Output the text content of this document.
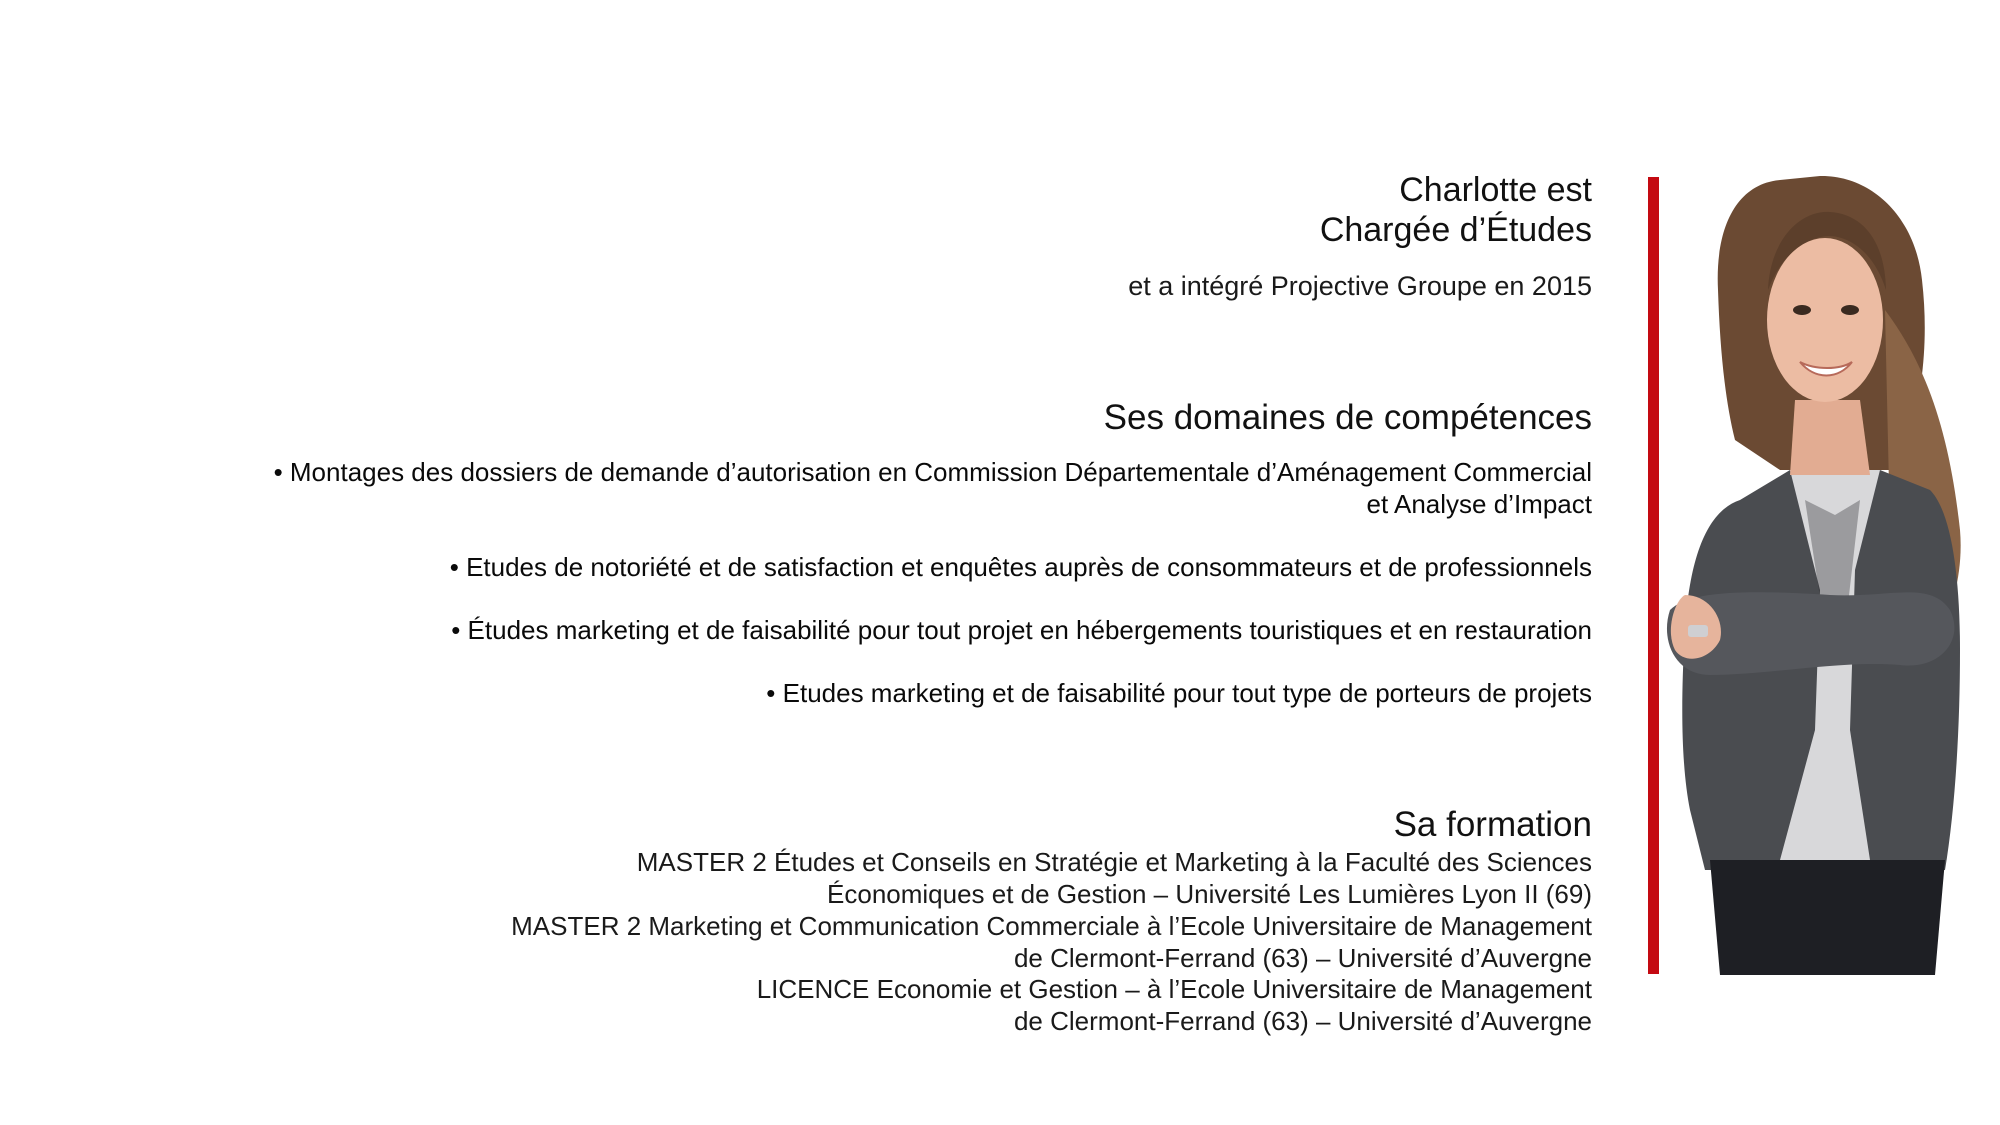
Charlotte est
Chargée d’Études
et a intégré Projective Groupe en 2015
Ses domaines de compétences
• Montages des dossiers de demande d’autorisation en Commission Départementale d’Aménagement Commercial
et Analyse d’Impact
• Etudes de notoriété et de satisfaction et enquêtes auprès de consommateurs et de professionnels
• Études marketing et de faisabilité pour tout projet en hébergements touristiques et en restauration
• Etudes marketing et de faisabilité pour tout type de porteurs de projets
Sa formation
MASTER 2 Études et Conseils en Stratégie et Marketing à la Faculté des Sciences
Économiques et de Gestion – Université Les Lumières Lyon II (69)
MASTER 2 Marketing et Communication Commerciale à l’Ecole Universitaire de Management
de Clermont-Ferrand (63) – Université d’Auvergne
LICENCE Economie et Gestion – à l’Ecole Universitaire de Management
de Clermont-Ferrand (63) – Université d’Auvergne
